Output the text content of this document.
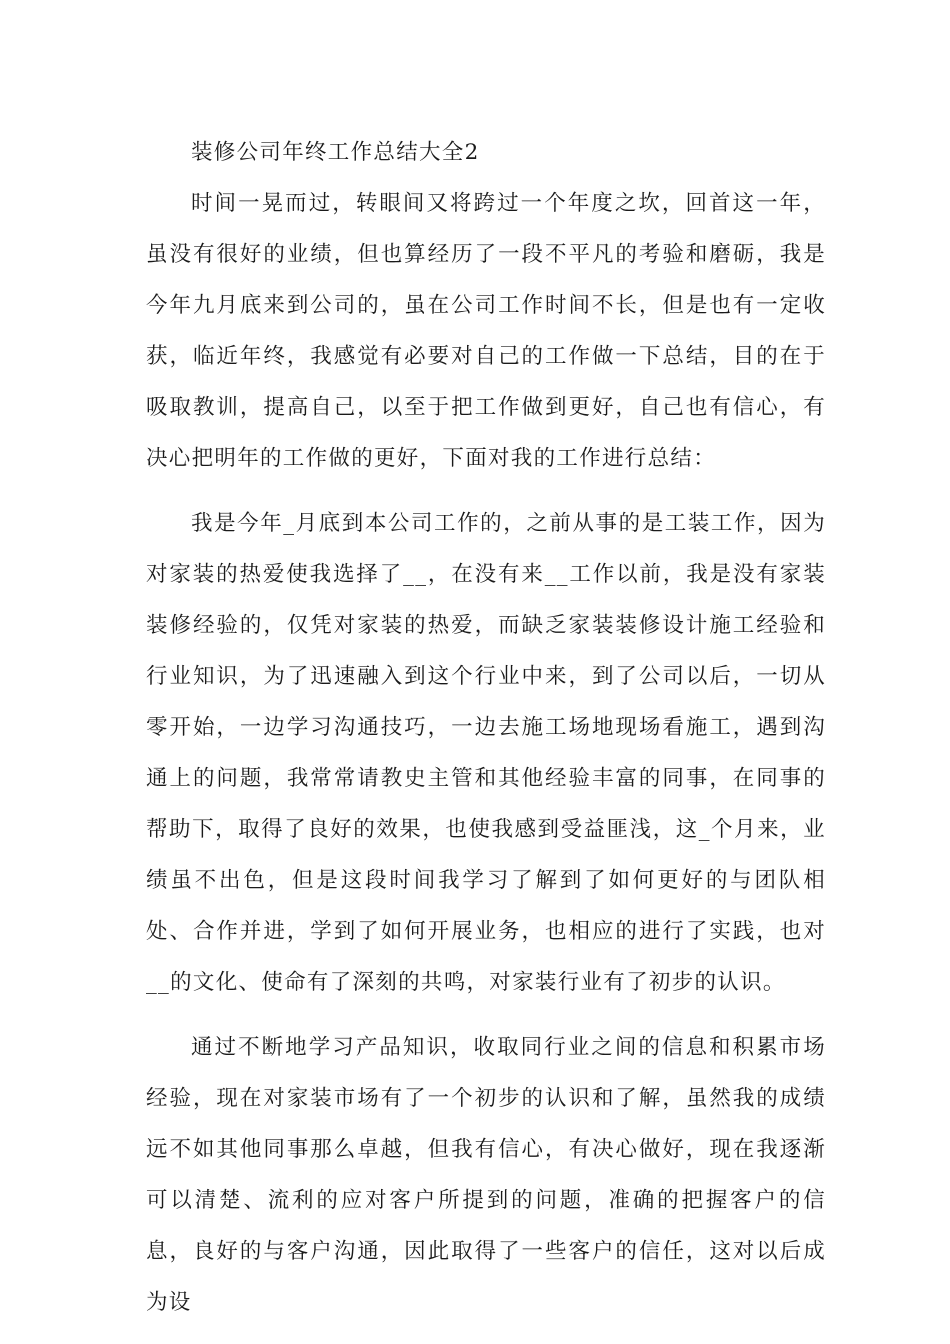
装修公司年终工作总结大全2

时间一晃而过，转眼间又将跨过一个年度之坎，回首这一年，虽没有很好的业绩，但也算经历了一段不平凡的考验和磨砺，我是今年九月底来到公司的，虽在公司工作时间不长，但是也有一定收获，临近年终，我感觉有必要对自己的工作做一下总结，目的在于吸取教训，提高自己，以至于把工作做到更好，自己也有信心，有决心把明年的工作做的更好，下面对我的工作进行总结：

我是今年_月底到本公司工作的，之前从事的是工装工作，因为对家装的热爱使我选择了__，在没有来__工作以前，我是没有家装装修经验的，仅凭对家装的热爱，而缺乏家装装修设计施工经验和行业知识，为了迅速融入到这个行业中来，到了公司以后，一切从零开始，一边学习沟通技巧，一边去施工场地现场看施工，遇到沟通上的问题，我常常请教史主管和其他经验丰富的同事，在同事的帮助下，取得了良好的效果，也使我感到受益匪浅，这_个月来，业绩虽不出色，但是这段时间我学习了解到了如何更好的与团队相处、合作并进，学到了如何开展业务，也相应的进行了实践，也对__的文化、使命有了深刻的共鸣，对家装行业有了初步的认识。

通过不断地学习产品知识，收取同行业之间的信息和积累市场经验，现在对家装市场有了一个初步的认识和了解，虽然我的成绩远不如其他同事那么卓越，但我有信心，有决心做好，现在我逐渐可以清楚、流利的应对客户所提到的问题，准确的把握客户的信息，良好的与客户沟通，因此取得了一些客户的信任，这对以后成为设
